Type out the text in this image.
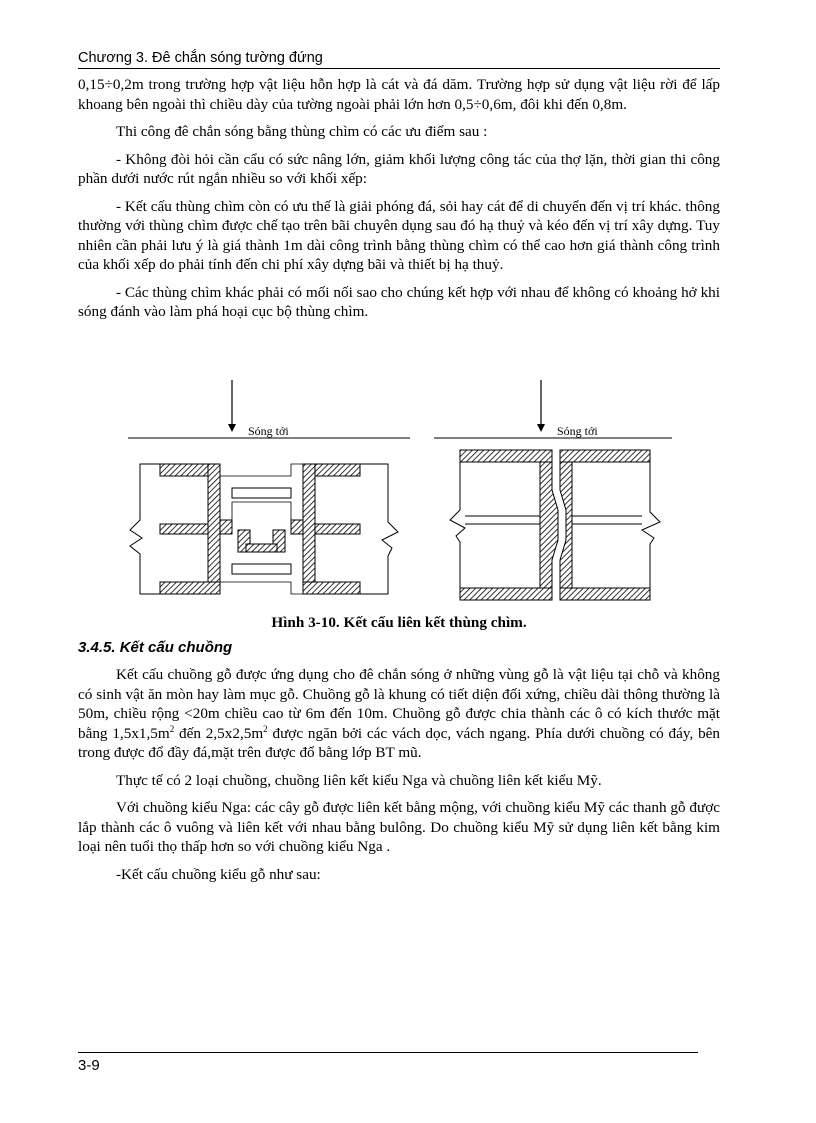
Chương 3. Đê chắn sóng tường đứng

0,15÷0,2m trong trường hợp vật liệu hỗn hợp là cát và đá dăm. Trường hợp sử dụng vật liệu rời để lấp khoang bên ngoài thì chiều dày của tường ngoài phải lớn hơn 0,5÷0,6m, đôi khi đến 0,8m.

Thi công đê chắn sóng bằng thùng chìm có các ưu điểm sau :

- Không đòi hỏi cần cẩu có sức nâng lớn, giảm khối lượng công tác của thợ lặn, thời gian thi công phần dưới nước rút ngắn nhiều so với khối xếp:

- Kết cấu thùng chìm còn có ưu thế là giải phóng đá, sỏi hay cát để di chuyển đến vị trí khác. thông thường với thùng chìm được chế tạo trên bãi chuyên dụng sau đó hạ thuỷ và kéo đến vị trí xây dựng. Tuy nhiên cần phải lưu ý là giá thành 1m dài công trình bằng thùng chìm có thể cao hơn giá thành công trình của khối xếp do phải tính đến chi phí xây dựng bãi và thiết bị hạ thuỷ.

- Các thùng chìm khác phải có mối nối sao cho chúng kết hợp với nhau để không có khoảng hở khi sóng đánh vào làm phá hoại cục bộ thùng chìm.

Sóng tới	Sóng tới
Hình 3-10. Kết cấu liên kết thùng chìm.
3.4.5. Kết cấu chuồng

Kết cấu chuồng gỗ được ứng dụng cho đê chắn sóng ở những vùng gỗ là vật liệu tại chỗ và không có sinh vật ăn mòn hay làm mục gỗ. Chuồng gỗ là khung có tiết diện đối xứng, chiều dài thông thường là 50m, chiều rộng <20m chiều cao từ 6m đến 10m. Chuồng gỗ được chia thành các ô có kích thước mặt bằng $1,5x1,5m^2$ đến $2,5x2,5m^2$ được ngăn bởi các vách dọc, vách ngang. Phía dưới chuồng có đáy, bên trong được đổ đầy đá,mặt trên được đổ bằng lớp BT mũ.

Thực tế có 2 loại chuồng, chuồng liên kết kiểu Nga và chuồng liên kết kiểu Mỹ.

Với chuồng kiểu Nga: các cây gỗ được liên kết bằng mộng, với chuồng kiểu Mỹ các thanh gỗ được lắp thành các ô vuông và liên kết với nhau bằng bulông. Do chuồng kiểu Mỹ sử dụng liên kết bằng kim loại nên tuổi thọ thấp hơn so với chuồng kiểu Nga .

-Kết cấu chuồng kiểu gỗ như sau:

3-9
